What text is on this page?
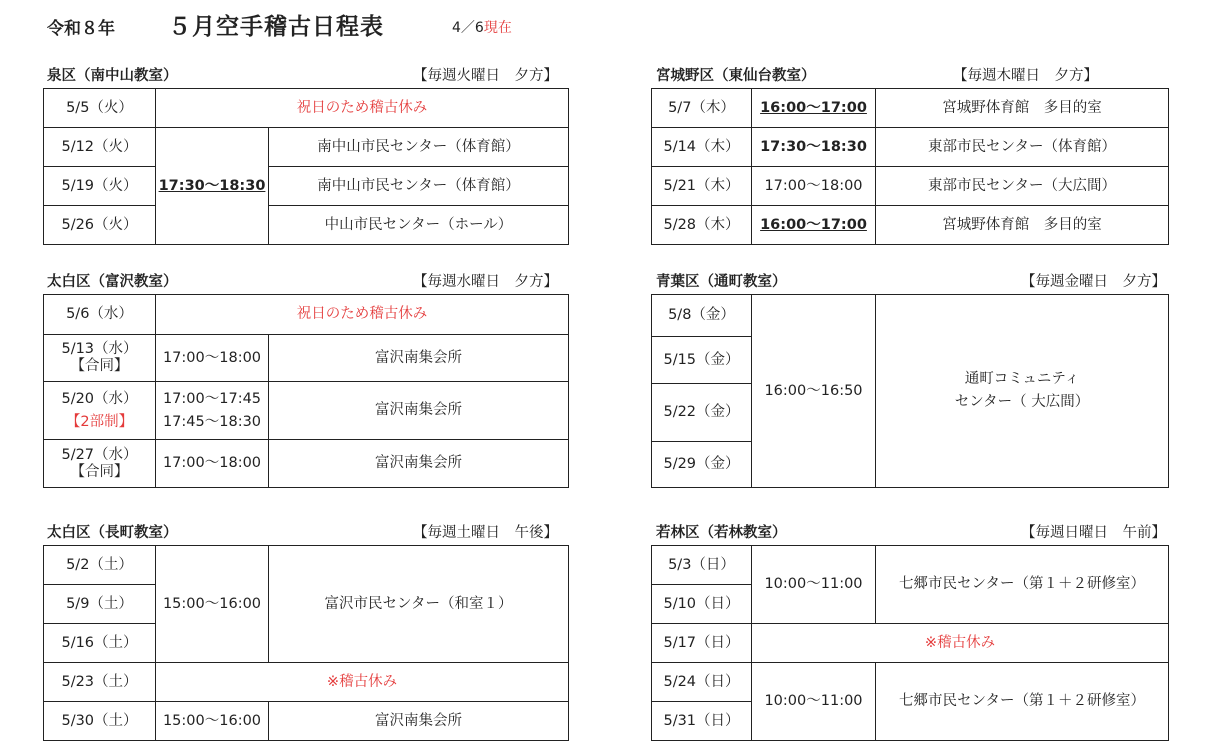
令和８年 ５月空手稽古日程表	4／6現在
泉区（南中山教室）	【毎週火曜日　夕方】
5/5（火）	祝日のため稽古休み	
5/12（火）	17:30～18:30	南中山市民センター（体育館）
5/19（火）		南中山市民センター（体育館）
5/26（火）		中山市民センター（ホール）
宮城野区（東仙台教室）	【毎週木曜日　夕方】
5/7（木）	16:00～17:00	宮城野体育館　多目的室
5/14（木）	17:30～18:30	東部市民センター（体育館）
5/21（木）	17:00～18:00	東部市民センター（大広間）
5/28（木）	16:00～17:00	宮城野体育館　多目的室
太白区（富沢教室）	【毎週水曜日　夕方】
5/6（水）	祝日のため稽古休み	

5/13（水）
【合同】	17:00～18:00	富沢南集会所

5/20（水）
【2部制】	17:00～17:45
17:45～18:30	富沢南集会所

5/27（水）
【合同】	17:00～18:00	富沢南集会所
青葉区（通町教室）	【毎週金曜日　夕方】
5/8（金）	16:00～16:50	
通町コミュニティ
センター（ 大広間）

5/15（金）
5/22（金）
5/29（金）
太白区（長町教室）	【毎週土曜日　午後】
5/2（土）	15:00～16:00	富沢市民センター（和室１）
5/9（土）		
5/16（土）		
5/23（土）	※稽古休み	
5/30（土）	15:00～16:00	富沢南集会所
若林区（若林教室）	【毎週日曜日　午前】
5/3（日）	10:00～11:00	七郷市民センター（第１＋２研修室）
5/10（日）		
5/17（日）	※稽古休み	
5/24（日）	10:00～11:00	七郷市民センター（第１＋２研修室）
5/31（日）		
